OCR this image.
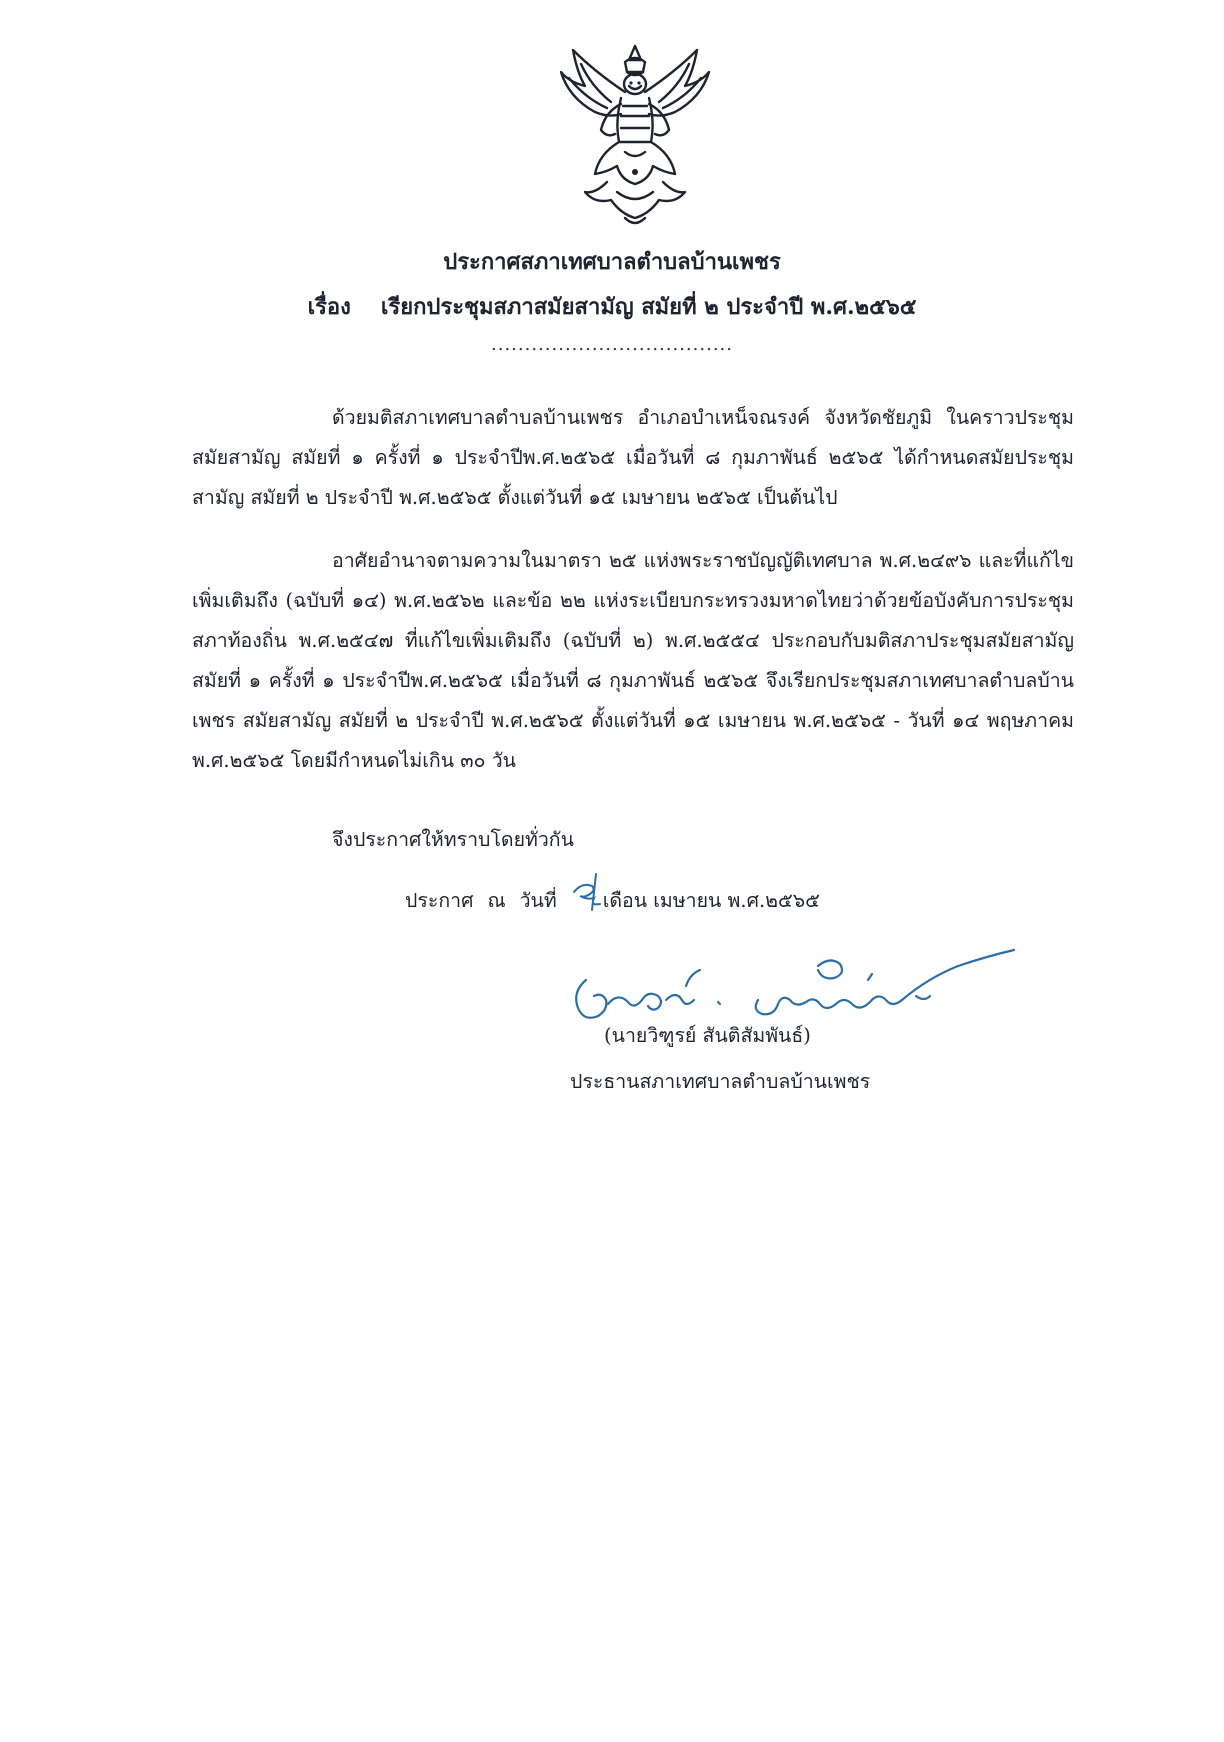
ประกาศสภาเทศบาลตำบลบ้านเพชร
เรื่อง เรียกประชุมสภาสมัยสามัญ สมัยที่ ๒ ประจำปี พ.ศ.๒๕๖๕
....................................

ด้วยมติสภาเทศบาลตำบลบ้านเพชร อำเภอบำเหน็จณรงค์ จังหวัดชัยภูมิ ในคราวประชุมสมัยสามัญ สมัยที่ ๑ ครั้งที่ ๑ ประจำปีพ.ศ.๒๕๖๕ เมื่อวันที่ ๘ กุมภาพันธ์ ๒๕๖๕ ได้กำหนดสมัยประชุมสามัญ สมัยที่ ๒ ประจำปี พ.ศ.๒๕๖๕ ตั้งแต่วันที่ ๑๕ เมษายน ๒๕๖๕ เป็นต้นไป

อาศัยอำนาจตามความในมาตรา ๒๕ แห่งพระราชบัญญัติเทศบาล พ.ศ.๒๔๙๖ และที่แก้ไขเพิ่มเติมถึง (ฉบับที่ ๑๔) พ.ศ.๒๕๖๒ และข้อ ๒๒ แห่งระเบียบกระทรวงมหาดไทยว่าด้วยข้อบังคับการประชุมสภาท้องถิ่น พ.ศ.๒๕๔๗ ที่แก้ไขเพิ่มเติมถึง (ฉบับที่ ๒) พ.ศ.๒๕๕๔ ประกอบกับมติสภาประชุมสมัยสามัญ สมัยที่ ๑ ครั้งที่ ๑ ประจำปีพ.ศ.๒๕๖๕ เมื่อวันที่ ๘ กุมภาพันธ์ ๒๕๖๕ จึงเรียกประชุมสภาเทศบาลตำบลบ้านเพชร สมัยสามัญ สมัยที่ ๒ ประจำปี พ.ศ.๒๕๖๕ ตั้งแต่วันที่ ๑๕ เมษายน พ.ศ.๒๕๖๕ - วันที่ ๑๔ พฤษภาคม พ.ศ.๒๕๖๕ โดยมีกำหนดไม่เกิน ๓๐ วัน

จึงประกาศให้ทราบโดยทั่วกัน
ประกาศ ณ วันที่ เดือน เมษายน พ.ศ.๒๕๖๕
(นายวิฑูรย์ สันติสัมพันธ์)
ประธานสภาเทศบาลตำบลบ้านเพชร
